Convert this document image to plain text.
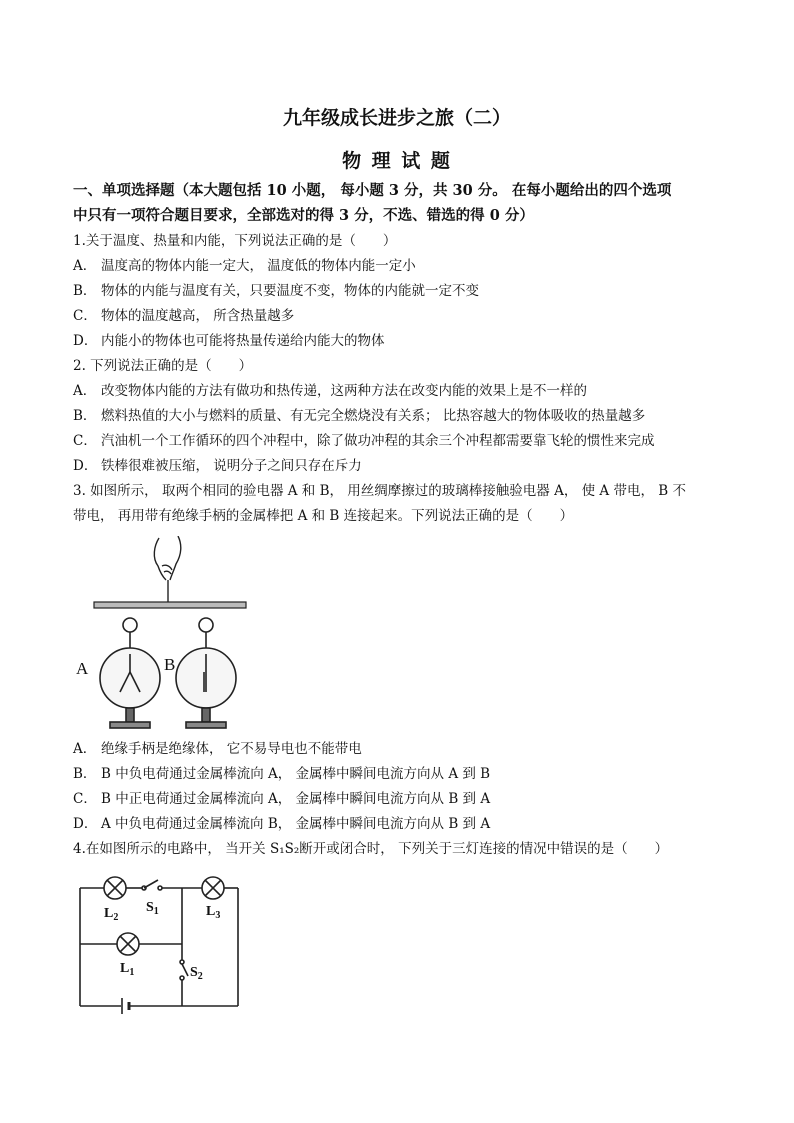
九年级成长进步之旅（二）
物 理 试 题
一、单项选择题（本大题包括 10 小题， 每小题 3 分，共 30 分。 在每小题给出的四个选项
中只有一项符合题目要求，全部选对的得 3 分，不选、错选的得 0 分）
1.关于温度、热量和内能，下列说法正确的是（　　）
A． 温度高的物体内能一定大， 温度低的物体内能一定小
B． 物体的内能与温度有关，只要温度不变，物体的内能就一定不变
C． 物体的温度越高， 所含热量越多
D． 内能小的物体也可能将热量传递给内能大的物体
2. 下列说法正确的是（　　）
A． 改变物体内能的方法有做功和热传递，这两种方法在改变内能的效果上是不一样的
B． 燃料热值的大小与燃料的质量、有无完全燃烧没有关系； 比热容越大的物体吸收的热量越多
C． 汽油机一个工作循环的四个冲程中，除了做功冲程的其余三个冲程都需要靠飞轮的惯性来完成
D． 铁棒很难被压缩， 说明分子之间只存在斥力
3. 如图所示， 取两个相同的验电器 A 和 B， 用丝绸摩擦过的玻璃棒接触验电器 A， 使 A 带电， B 不
带电， 再用带有绝缘手柄的金属棒把 A 和 B 连接起来。下列说法正确的是（　　）
A	B
A． 绝缘手柄是绝缘体， 它不易导电也不能带电
B． B 中负电荷通过金属棒流向 A， 金属棒中瞬间电流方向从 A 到 B
C． B 中正电荷通过金属棒流向 A， 金属棒中瞬间电流方向从 B 到 A
D． A 中负电荷通过金属棒流向 B， 金属棒中瞬间电流方向从 B 到 A
4.在如图所示的电路中， 当开关 S₁S₂断开或闭合时， 下列关于三灯连接的情况中错误的是（　　）
$L_2$
$S_1$	$L_3$
$L_1$	$S_2$
